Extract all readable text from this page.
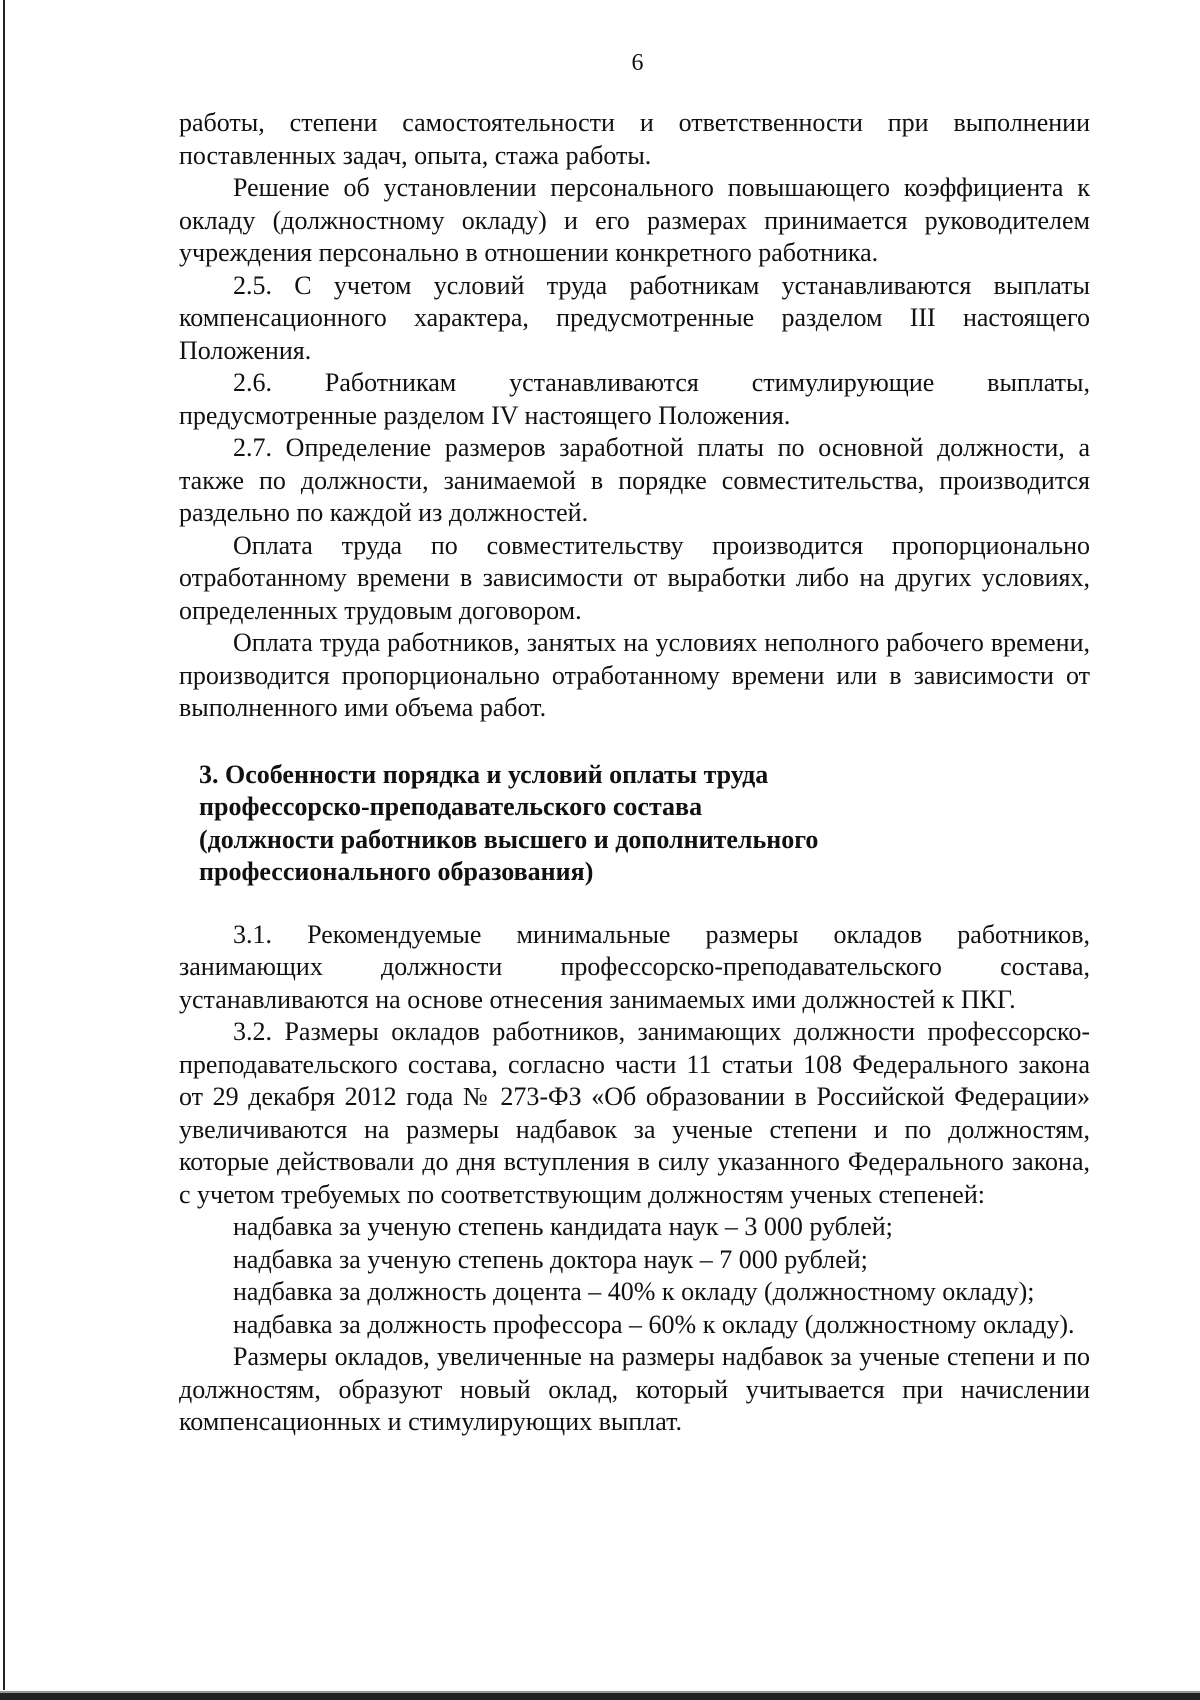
6

работы, степени самостоятельности и ответственности при выполнении поставленных задач, опыта, стажа работы.

Решение об установлении персонального повышающего коэффициента к окладу (должностному окладу) и его размерах принимается руководителем учреждения персонально в отношении конкретного работника.

2.5. С учетом условий труда работникам устанавливаются выплаты компенсационного характера, предусмотренные разделом III настоящего Положения.

2.6. Работникам устанавливаются стимулирующие выплаты, предусмотренные разделом IV настоящего Положения.

2.7. Определение размеров заработной платы по основной должности, а также по должности, занимаемой в порядке совместительства, производится раздельно по каждой из должностей.

Оплата труда по совместительству производится пропорционально отработанному времени в зависимости от выработки либо на других условиях, определенных трудовым договором.

Оплата труда работников, занятых на условиях неполного рабочего времени, производится пропорционально отработанному времени или в зависимости от выполненного ими объема работ.

3. Особенности порядка и условий оплаты труда
профессорско-преподавательского состава
(должности работников высшего и дополнительного
профессионального образования)

3.1. Рекомендуемые минимальные размеры окладов работников, занимающих должности профессорско-преподавательского состава, устанавливаются на основе отнесения занимаемых ими должностей к ПКГ.

3.2. Размеры окладов работников, занимающих должности профессорско-преподавательского состава, согласно части 11 статьи 108 Федерального закона от 29 декабря 2012 года № 273-ФЗ «Об образовании в Российской Федерации» увеличиваются на размеры надбавок за ученые степени и по должностям, которые действовали до дня вступления в силу указанного Федерального закона, с учетом требуемых по соответствующим должностям ученых степеней:

надбавка за ученую степень кандидата наук – 3 000 рублей;

надбавка за ученую степень доктора наук – 7 000 рублей;

надбавка за должность доцента – 40% к окладу (должностному окладу);

надбавка за должность профессора – 60% к окладу (должностному окладу).

Размеры окладов, увеличенные на размеры надбавок за ученые степени и по должностям, образуют новый оклад, который учитывается при начислении компенсационных и стимулирующих выплат.
